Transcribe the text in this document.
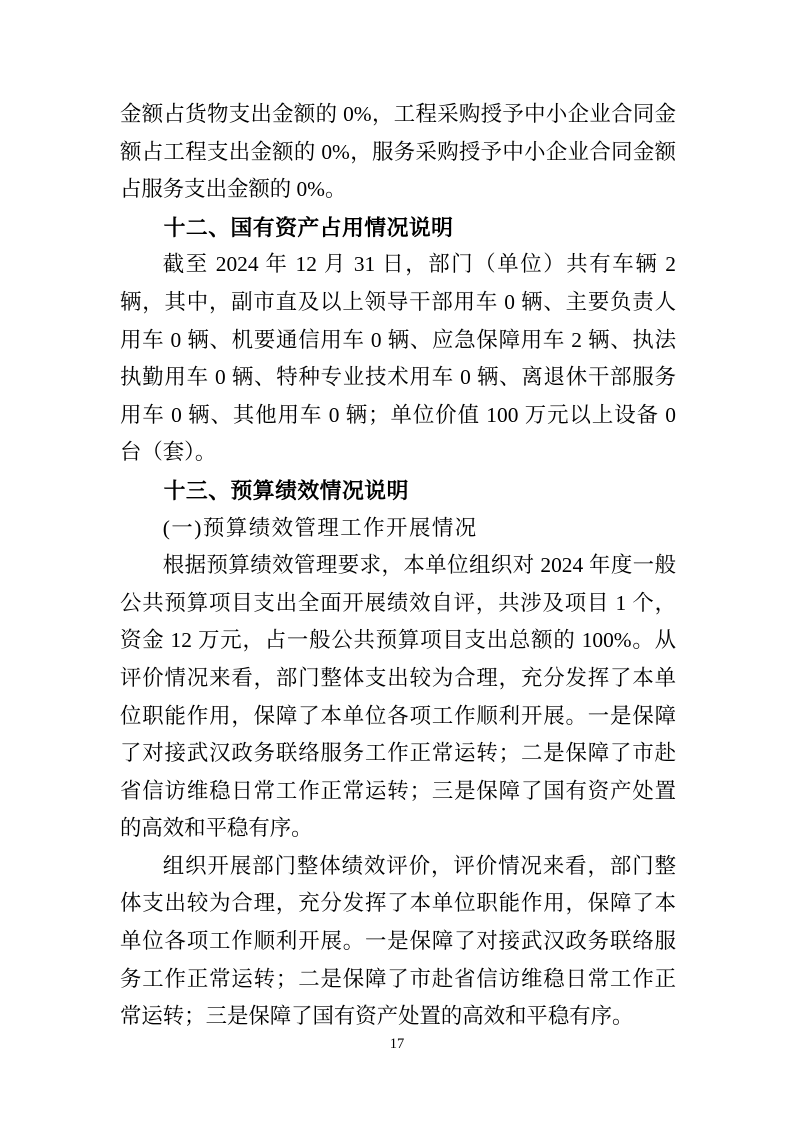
金额占货物支出金额的 0%，工程采购授予中小企业合同金额占工程支出金额的 0%，服务采购授予中小企业合同金额占服务支出金额的 0%。

十二、国有资产占用情况说明

截至 2024 年 12 月 31 日，部门（单位）共有车辆 2 辆，其中，副市直及以上领导干部用车 0 辆、主要负责人用车 0 辆、机要通信用车 0 辆、应急保障用车 2 辆、执法执勤用车 0 辆、特种专业技术用车 0 辆、离退休干部服务用车 0 辆、其他用车 0 辆；单位价值 100 万元以上设备 0 台（套）。

十三、预算绩效情况说明

(一)预算绩效管理工作开展情况

根据预算绩效管理要求，本单位组织对 2024 年度一般公共预算项目支出全面开展绩效自评，共涉及项目 1 个，资金 12 万元，占一般公共预算项目支出总额的 100%。从评价情况来看，部门整体支出较为合理，充分发挥了本单位职能作用，保障了本单位各项工作顺利开展。一是保障了对接武汉政务联络服务工作正常运转；二是保障了市赴省信访维稳日常工作正常运转；三是保障了国有资产处置的高效和平稳有序。

组织开展部门整体绩效评价，评价情况来看，部门整体支出较为合理，充分发挥了本单位职能作用，保障了本单位各项工作顺利开展。一是保障了对接武汉政务联络服务工作正常运转；二是保障了市赴省信访维稳日常工作正常运转；三是保障了国有资产处置的高效和平稳有序。

17
